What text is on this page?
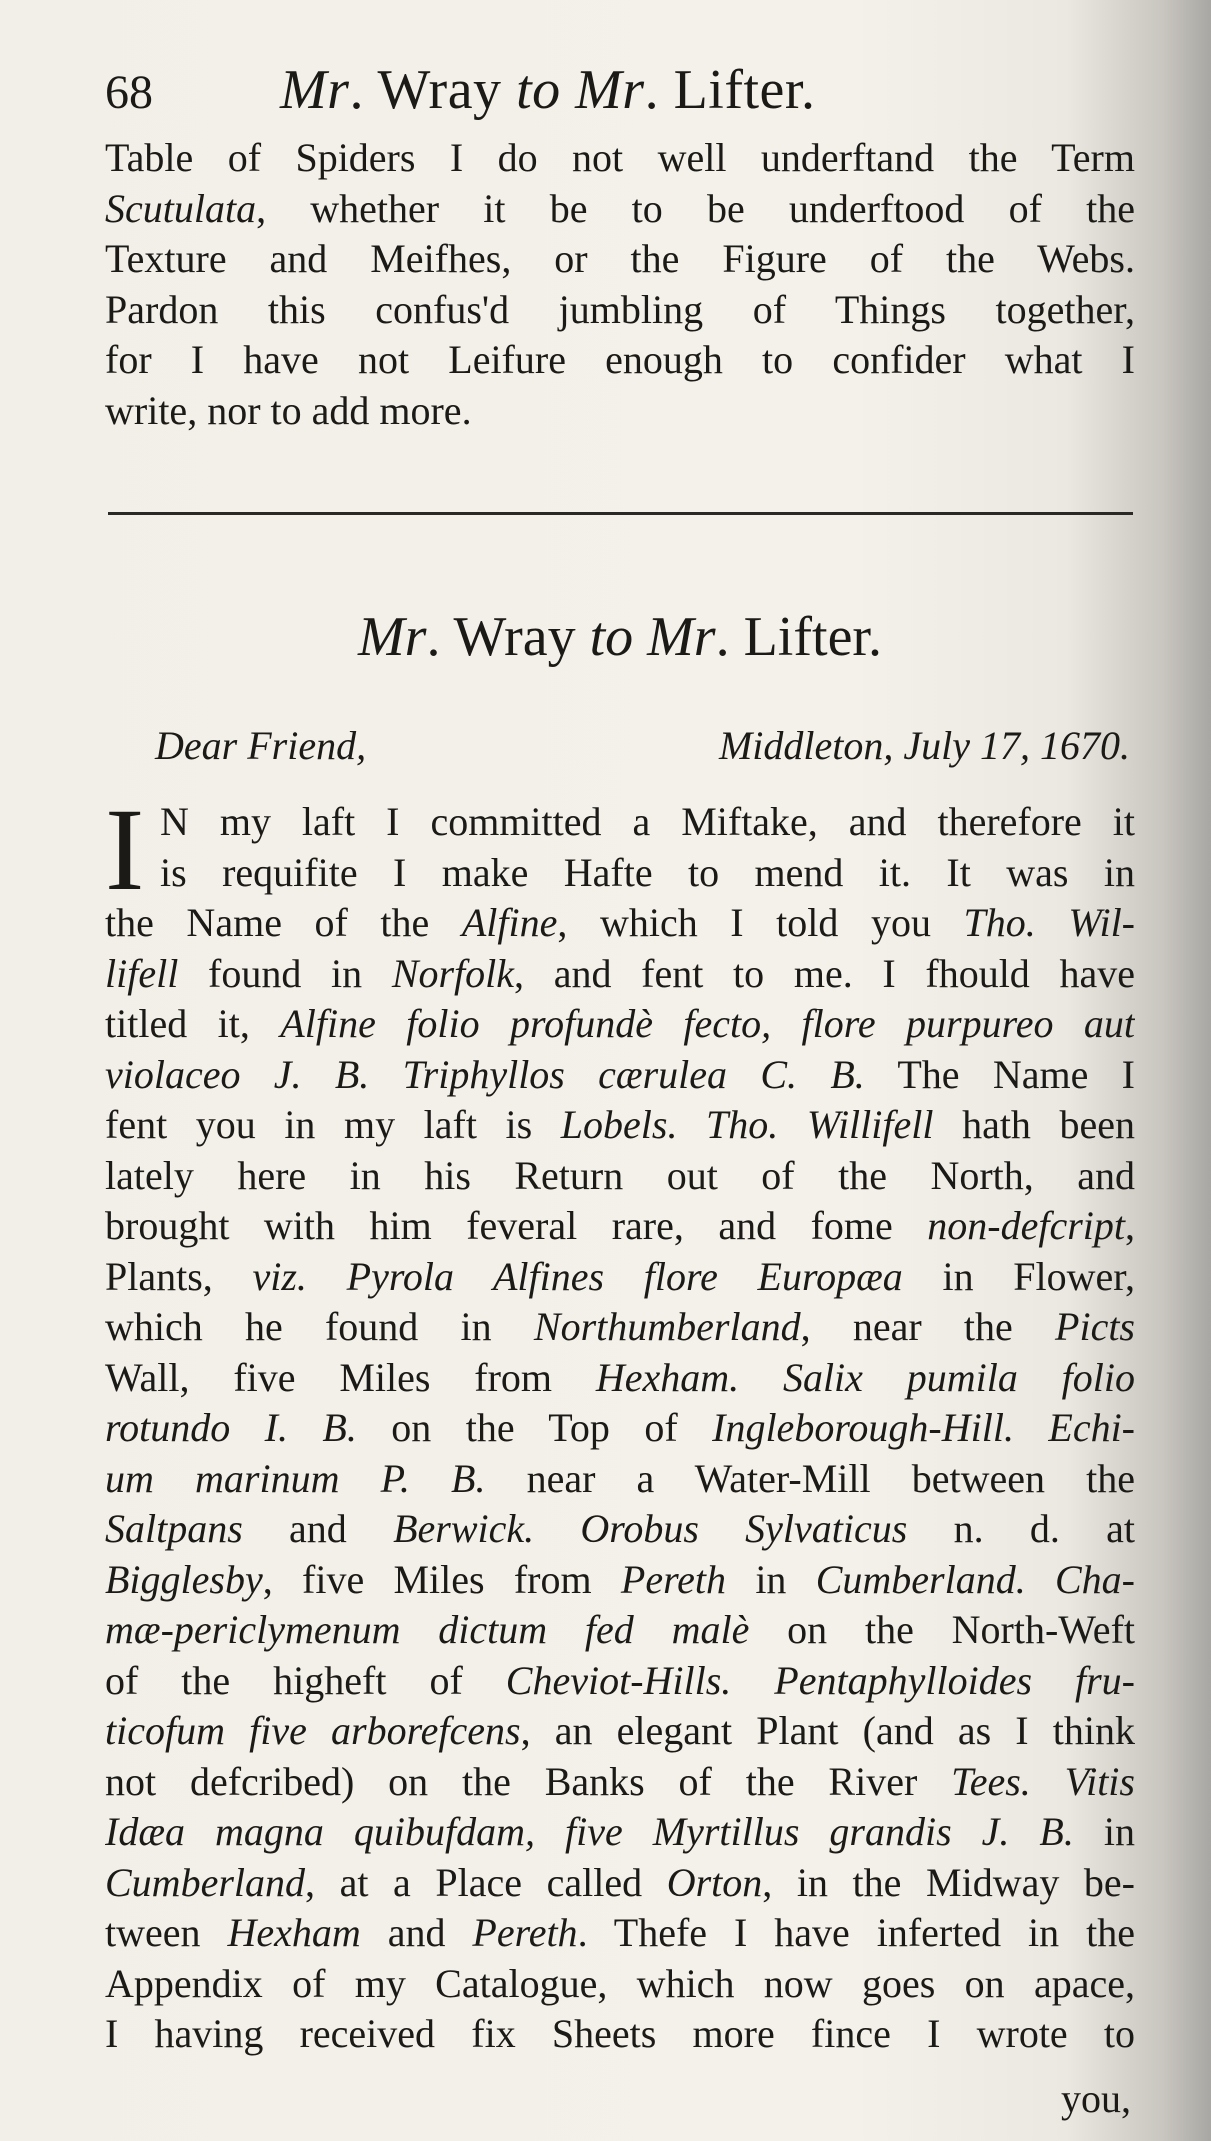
68	Mr. Wray to Mr. Lifter.
Table of Spiders I do not well underftand the Term
Scutulata, whether it be to be underftood of the
Texture and Meifhes, or the Figure of the Webs.
Pardon this confus'd jumbling of Things together,
for I have not Leifure enough to confider what I
write, nor to add more.
Mr. Wray to Mr. Lifter.
Dear Friend,	Middleton, July 17, 1670.
I N my laft I committed a Miftake, and therefore it
is requifite I make Hafte to mend it. It was in
the Name of the Alfine, which I told you Tho. Wil-
lifell found in Norfolk, and fent to me. I fhould have
titled it, Alfine folio profundè fecto, flore purpureo aut
violaceo J. B. Triphyllos cærulea C. B. The Name I
fent you in my laft is Lobels. Tho. Willifell hath been
lately here in his Return out of the North, and
brought with him feveral rare, and fome non-defcript,
Plants, viz. Pyrola Alfines flore Europæa in Flower,
which he found in Northumberland, near the Picts
Wall, five Miles from Hexham. Salix pumila folio
rotundo I. B. on the Top of Ingleborough-Hill. Echi-
um marinum P. B. near a Water-Mill between the
Saltpans and Berwick. Orobus Sylvaticus n. d. at
Bigglesby, five Miles from Pereth in Cumberland. Cha-
mæ-periclymenum dictum fed malè on the North-Weft
of the higheft of Cheviot-Hills. Pentaphylloides fru-
ticofum five arborefcens, an elegant Plant (and as I think
not defcribed) on the Banks of the River Tees. Vitis
Idæa magna quibufdam, five Myrtillus grandis J. B. in
Cumberland, at a Place called Orton, in the Midway be-
tween Hexham and Pereth. Thefe I have inferted in the
Appendix of my Catalogue, which now goes on apace,
I having received fix Sheets more fince I wrote to
you,
